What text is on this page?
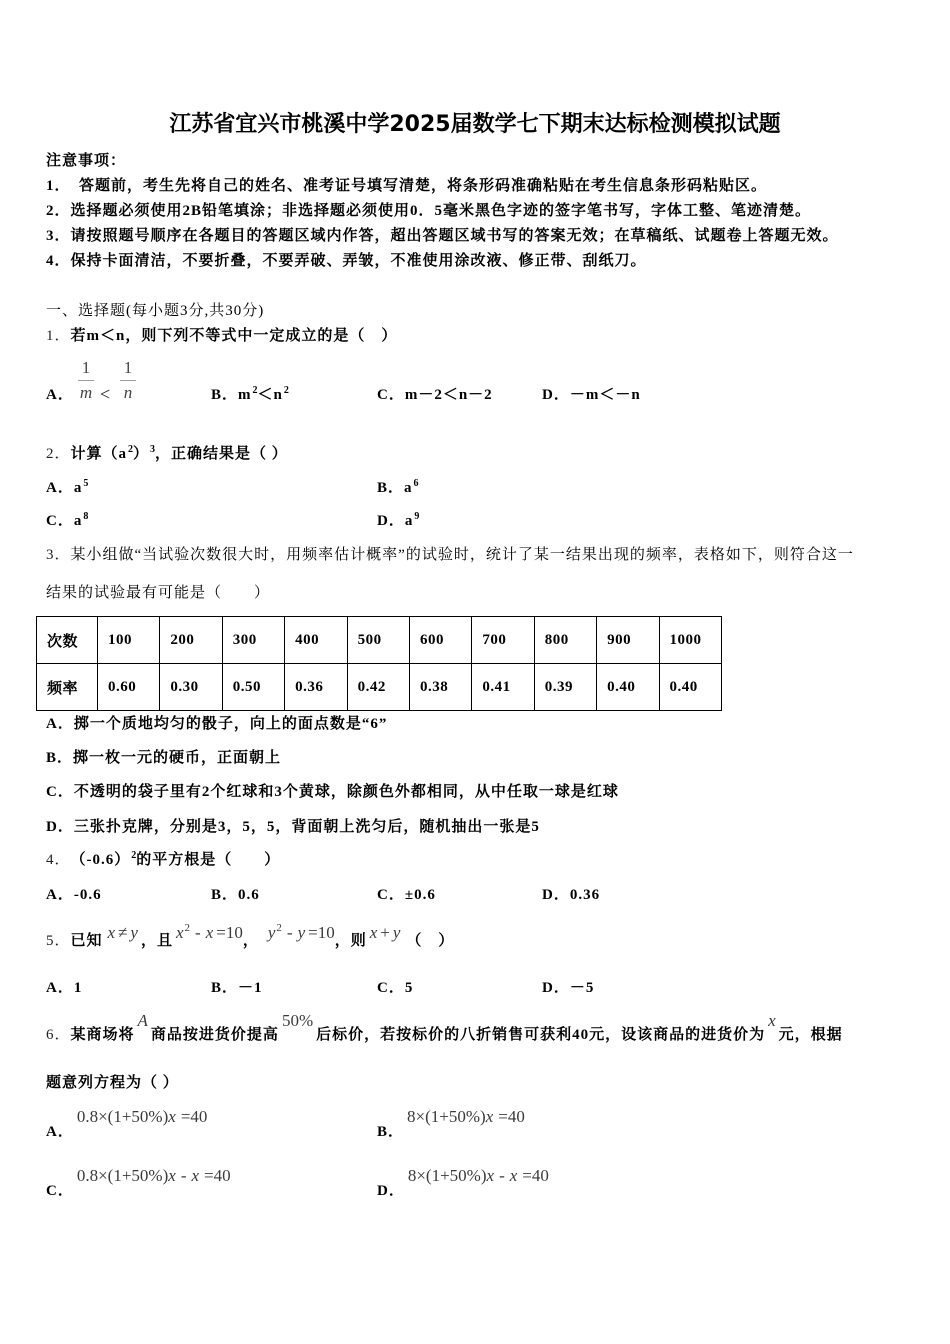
江苏省宜兴市桃溪中学2025届数学七下期末达标检测模拟试题
注意事项：
1．　答题前，考生先将自己的姓名、准考证号填写清楚，将条形码准确粘贴在考生信息条形码粘贴区。
2．选择题必须使用2B铅笔填涂；非选择题必须使用0．5毫米黑色字迹的签字笔书写，字体工整、笔迹清楚。
3．请按照题号顺序在各题目的答题区域内作答，超出答题区域书写的答案无效；在草稿纸、试题卷上答题无效。
4．保持卡面清洁，不要折叠，不要弄破、弄皱，不准使用涂改液、修正带、刮纸刀。
一、选择题(每小题3分,共30分)
1． 若m＜n，则下列不等式中一定成立的是（　）
A．
1
m <
1
n	B． m 2 ＜n 2	C． m－2＜n－2	D． －m＜－n
2． 计算（a 2 ） 3 ，正确结果是（ ）
A． a 5	B． a 6
C． a 8	D． a 9
3． 某小组做“当试验次数很大时，用频率估计概率”的试验时，统计了某一结果出现的频率，表格如下，则符合这一
结果的试验最有可能是（　　）
次数	100	200	300	400	500	600	700	800	900	1000
频率	0.60	0.30	0.50	0.36	0.42	0.38	0.41	0.39	0.40	0.40
A． 掷一个质地均匀的骰子，向上的面点数是“6”
B． 掷一枚一元的硬币，正面朝上
C． 不透明的袋子里有2个红球和3个黄球，除颜色外都相同，从中任取一球是红球
D． 三张扑克牌，分别是3，5，5，背面朝上洗匀后，随机抽出一张是5
4． （-0.6） 2 的平方根是（　　）
A． -0.6	B． 0.6	C． ±0.6	D． 0.36
5． 已知 x ≠ y ，且 x 2 - x =10 ， y 2 - y =10 ，则 x + y （　）
A． 1	B． －1	C． 5	D． －5
6． 某商场将
A
商品按进货价提高
50%
后标价，若按标价的八折销售可获利40元，设该商品的进货价为
x
元，根据
题意列方程为（ ）
A．
0.8×(1+50%) x =40
B．
8×(1+50%) x =40
C．
0.8×(1+50%) x - x =40
D．
8×(1+50%) x - x =40
